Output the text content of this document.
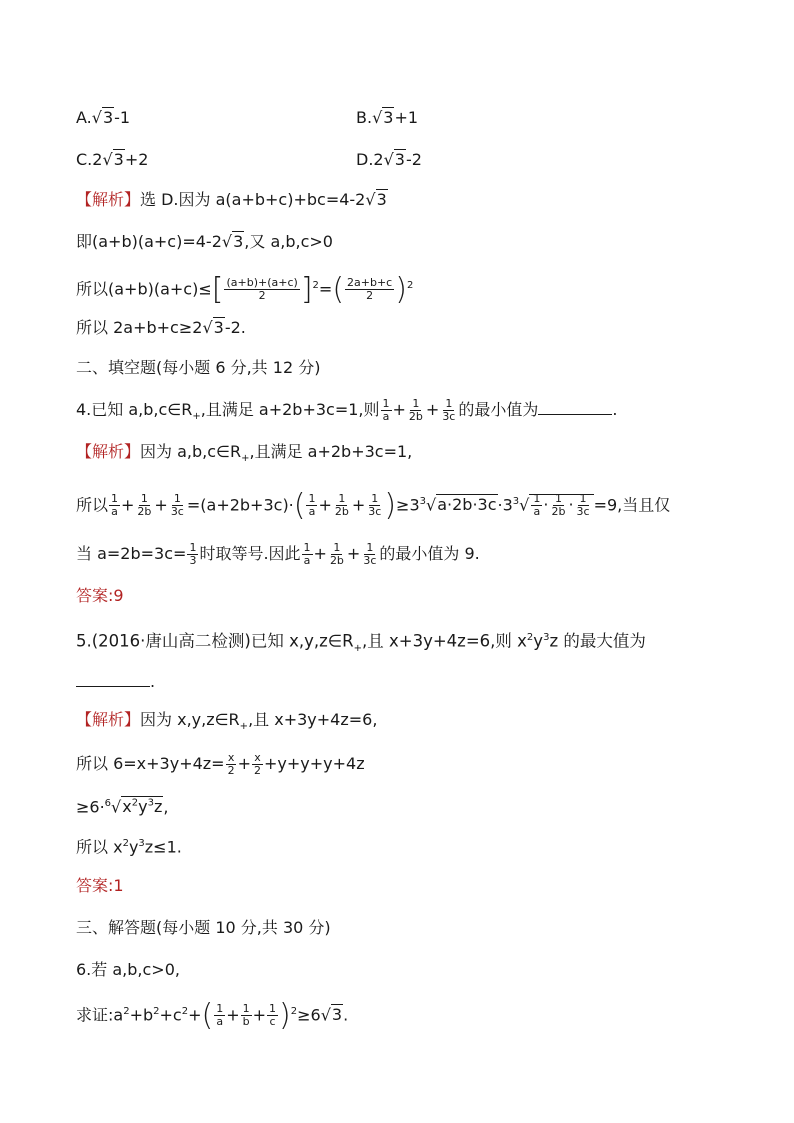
A.√3-1	B.√3+1
C.2√3+2	D.2√3-2
【解析】选 D.因为 a(a+b+c)+bc=4-2√3
即(a+b)(a+c)=4-2√3,又 a,b,c>0
所以$(a+b)(a+c)\le[ \frac{(a+b)+(a+c)}{2} ]^2=( \frac{2a+b+c}{2} )^2$
所以 2a+b+c≥2√3-2.
二、填空题(每小题 6 分,共 12 分)
4.已知 $a,b,c\in R_+$,且满足 a+2b+3c=1,则 $\frac{1}{a} + \frac{1}{2b} + \frac{1}{3c}$ 的最小值为	.
【解析】因为 $a,b,c\in R_+$,且满足 a+2b+3c=1,
所以 $\frac{1}{a} + \frac{1}{2b} + \frac{1}{3c} =(a+2b+3c)\cdot( \frac{1}{a} + \frac{1}{2b} + \frac{1}{3c} )\ge 3^3√a\cdot 2b\cdot 3c\cdot 3^3√ \frac{1}{a} \cdot \frac{1}{2b} \cdot \frac{1}{3c} =9$,当且仅
当 $a=2b=3c= \frac{1}{3}$ 时取等号.因此 $\frac{1}{a} + \frac{1}{2b} + \frac{1}{3c}$ 的最小值为 9.
答案:9
5.(2016·唐山高二检测)已知 $x,y,z\in R_+$,且 x+3y+4z=6,则 $x^2y^3z$ 的最大值为
.
【解析】因为 $x,y,z\in R_+$,且 x+3y+4z=6,
所以 $6=x+3y+4z= \frac{x}{2} + \frac{x}{2} +y+y+y+4z$
$\ge 6\cdot^6√x^2y^3z$,
所以 $x^2y^3z\le 1$.
答案:1
三、解答题(每小题 10 分,共 30 分)
6.若 a,b,c>0,
求证$:a^2+b^2+c^2+( \frac{1}{a} + \frac{1}{b} + \frac{1}{c} )^2\ge 6√3$.
